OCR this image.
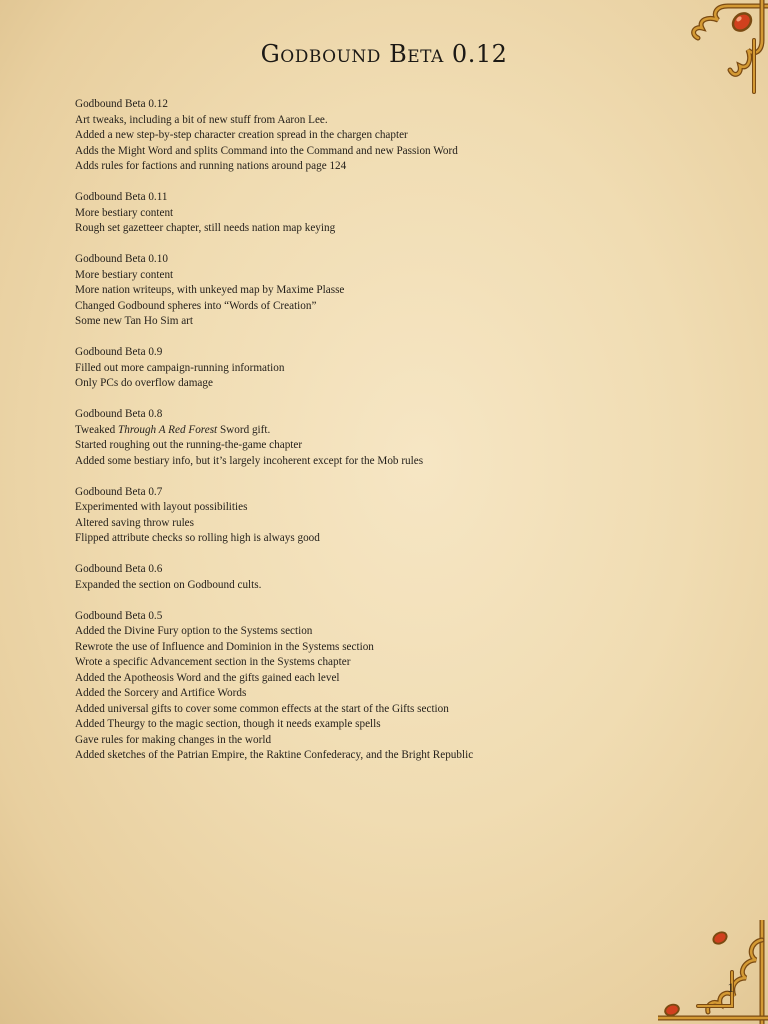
Godbound Beta 0.12
Godbound Beta 0.12
Art tweaks, including a bit of new stuff from Aaron Lee.
Added a new step-by-step character creation spread in the chargen chapter
Adds the Might Word and splits Command into the Command and new Passion Word
Adds rules for factions and running nations around page 124
Godbound Beta 0.11
More bestiary content
Rough set gazetteer chapter, still needs nation map keying
Godbound Beta 0.10
More bestiary content
More nation writeups, with unkeyed map by Maxime Plasse
Changed Godbound spheres into “Words of Creation”
Some new Tan Ho Sim art
Godbound Beta 0.9
Filled out more campaign-running information
Only PCs do overflow damage
Godbound Beta 0.8
Tweaked Through A Red Forest Sword gift.
Started roughing out the running-the-game chapter
Added some bestiary info, but it’s largely incoherent except for the Mob rules
Godbound Beta 0.7
Experimented with layout possibilities
Altered saving throw rules
Flipped attribute checks so rolling high is always good
Godbound Beta 0.6
Expanded the section on Godbound cults.
Godbound Beta 0.5
Added the Divine Fury option to the Systems section
Rewrote the use of Influence and Dominion in the Systems section
Wrote a specific Advancement section in the Systems chapter
Added the Apotheosis Word and the gifts gained each level
Added the Sorcery and Artifice Words
Added universal gifts to cover some common effects at the start of the Gifts section
Added Theurgy to the magic section, though it needs example spells
Gave rules for making changes in the world
Added sketches of the Patrian Empire, the Raktine Confederacy, and the Bright Republic
1
